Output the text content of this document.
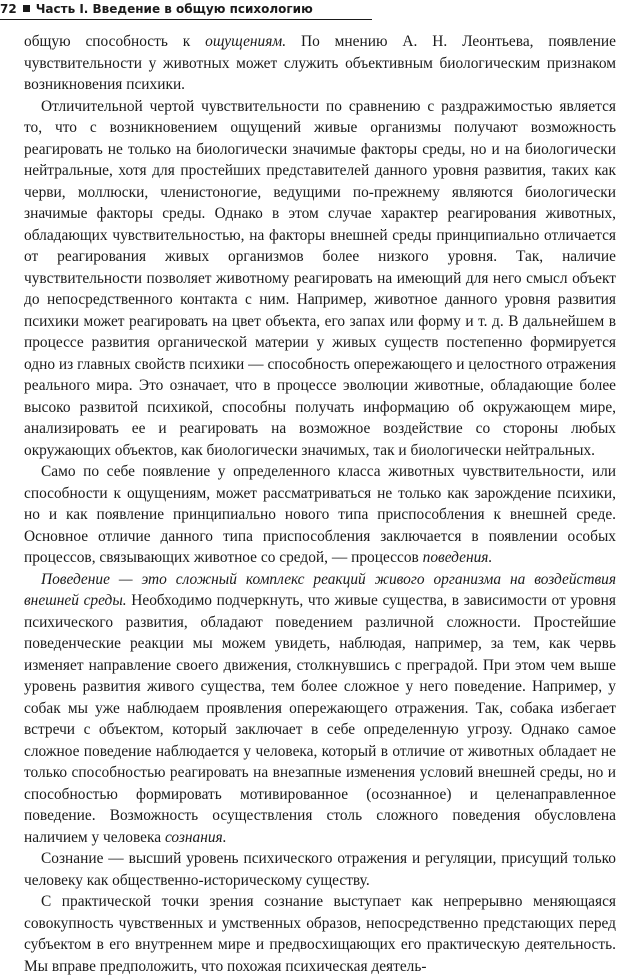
72 Часть I. Введение в общую психологию

общую способность к ощущениям. По мнению А. Н. Леонтьева, появление чувствительности у животных может служить объективным биологическим признаком возникновения психики.

Отличительной чертой чувствительности по сравнению с раздражимостью является то, что с возникновением ощущений живые организмы получают возможность реагировать не только на биологически значимые факторы среды, но и на биологически нейтральные, хотя для простейших представителей данного уровня развития, таких как черви, моллюски, членистоногие, ведущими по-прежнему являются биологически значимые факторы среды. Однако в этом случае характер реагирования животных, обладающих чувствительностью, на факторы внешней среды принципиально отличается от реагирования живых организмов более низкого уровня. Так, наличие чувствительности позволяет животному реагировать на имеющий для него смысл объект до непосредственного контакта с ним. Например, животное данного уровня развития психики может реагировать на цвет объекта, его запах или форму и т. д. В дальнейшем в процессе развития органической материи у живых существ постепенно формируется одно из главных свойств психики — способность опережающего и целостного отражения реального мира. Это означает, что в процессе эволюции животные, обладающие более высоко развитой психикой, способны получать информацию об окружающем мире, анализировать ее и реагировать на возможное воздействие со стороны любых окружающих объектов, как биологически значимых, так и биологически нейтральных.

Само по себе появление у определенного класса животных чувствительности, или способности к ощущениям, может рассматриваться не только как зарождение психики, но и как появление принципиально нового типа приспособления к внешней среде. Основное отличие данного типа приспособления заключается в появлении особых процессов, связывающих животное со средой, — процессов поведения.

Поведение — это сложный комплекс реакций живого организма на воздействия внешней среды. Необходимо подчеркнуть, что живые существа, в зависимости от уровня психического развития, обладают поведением различной сложности. Простейшие поведенческие реакции мы можем увидеть, наблюдая, например, за тем, как червь изменяет направление своего движения, столкнувшись с преградой. При этом чем выше уровень развития живого существа, тем более сложное у него поведение. Например, у собак мы уже наблюдаем проявления опережающего отражения. Так, собака избегает встречи с объектом, который заключает в себе определенную угрозу. Однако самое сложное поведение наблюдается у человека, который в отличие от животных обладает не только способностью реагировать на внезапные изменения условий внешней среды, но и способностью формировать мотивированное (осознанное) и целенаправленное поведение. Возможность осуществления столь сложного поведения обусловлена наличием у человека сознания.

Сознание — высший уровень психического отражения и регуляции, присущий только человеку как общественно-историческому существу.

С практической точки зрения сознание выступает как непрерывно меняющаяся совокупность чувственных и умственных образов, непосредственно предстающих перед субъектом в его внутреннем мире и предвосхищающих его практическую деятельность. Мы вправе предположить, что похожая психическая деятель-
